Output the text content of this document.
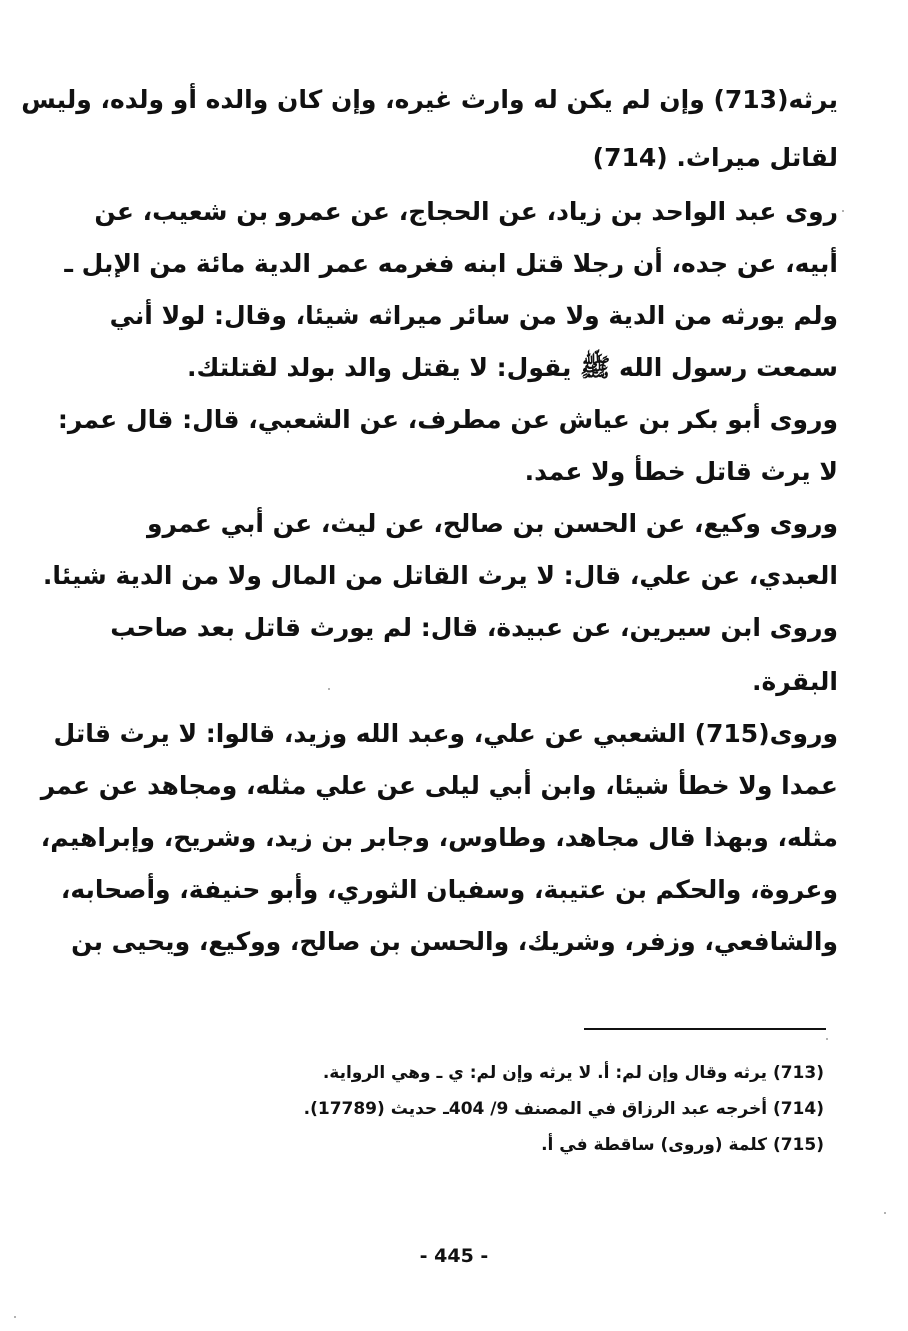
يرثه(713) وإن لم يكن له وارث غيره، وإن كان والده أو ولده، وليس
لقاتل ميراث. (714)
روى عبد الواحد بن زياد، عن الحجاج، عن عمرو بن شعيب، عن
أبيه، عن جده، أن رجلا قتل ابنه فغرمه عمر الدية مائة من الإبل ـ
ولم يورثه من الدية ولا من سائر ميراثه شيئا، وقال: لولا أني
سمعت رسول الله ﷺ يقول: لا يقتل والد بولد لقتلتك.
وروى أبو بكر بن عياش عن مطرف، عن الشعبي، قال: قال عمر:
لا يرث قاتل خطأ ولا عمد.
وروى وكيع، عن الحسن بن صالح، عن ليث، عن أبي عمرو
العبدي، عن علي، قال: لا يرث القاتل من المال ولا من الدية شيئا.
وروى ابن سيرين، عن عبيدة، قال: لم يورث قاتل بعد صاحب
البقرة.
وروى(715) الشعبي عن علي، وعبد الله وزيد، قالوا: لا يرث قاتل
عمدا ولا خطأ شيئا، وابن أبي ليلى عن علي مثله، ومجاهد عن عمر
مثله، وبهذا قال مجاهد، وطاوس، وجابر بن زيد، وشريح، وإبراهيم،
وعروة، والحكم بن عتيبة، وسفيان الثوري، وأبو حنيفة، وأصحابه،
والشافعي، وزفر، وشريك، والحسن بن صالح، ووكيع، ويحيى بن
(713) يرثه وقال وإن لم: أ. لا يرثه وإن لم: ي ـ وهي الرواية.
(714) أخرجه عبد الرزاق في المصنف 9/ 404ـ حديث (17789).
(715) كلمة (وروى) ساقطة في أ.
- 445 -
